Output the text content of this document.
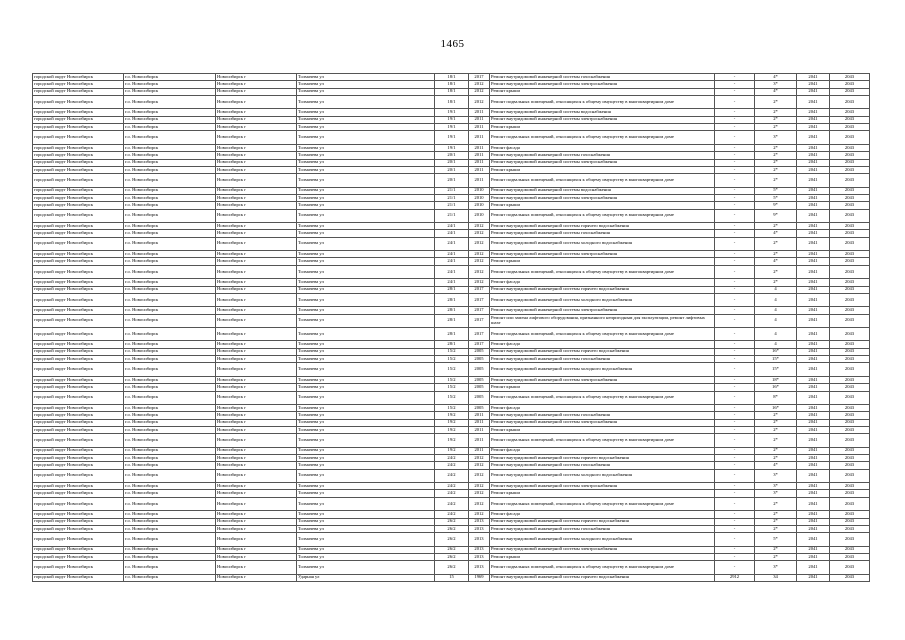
1465
городской округ Новосибирск	г.о. Новосибирск	Новосибирск г	Толмачева ул	18/1	2017	Ремонт внутридомовой инженерной системы газоснабжения	-	4*	2041	2043
городской округ Новосибирск	г.о. Новосибирск	Новосибирск г	Толмачева ул	18/1	2012	Ремонт внутридомовой инженерной системы электроснабжения	-	3*	2041	2043
городской округ Новосибирск	г.о. Новосибирск	Новосибирск г	Толмачева ул	18/1	2012	Ремонт крыши	-	4*	2041	2043
городской округ Новосибирск	г.о. Новосибирск	Новосибирск г	Толмачева ул	18/1	2012	Ремонт подвальных помещений, относящихся к общему имуществу в многоквартирном доме	-	2*	2041	2043
городской округ Новосибирск	г.о. Новосибирск	Новосибирск г	Толмачева ул	19/1	2011	Ремонт внутридомовой инженерной системы водоснабжения	-	2*	2041	2043
городской округ Новосибирск	г.о. Новосибирск	Новосибирск г	Толмачева ул	19/1	2011	Ремонт внутридомовой инженерной системы электроснабжения	-	2*	2041	2043
городской округ Новосибирск	г.о. Новосибирск	Новосибирск г	Толмачева ул	19/1	2011	Ремонт крыши	-	2*	2041	2043
городской округ Новосибирск	г.о. Новосибирск	Новосибирск г	Толмачева ул	19/1	2011	Ремонт подвальных помещений, относящихся к общему имуществу в многоквартирном доме	-	3*	2041	2043
городской округ Новосибирск	г.о. Новосибирск	Новосибирск г	Толмачева ул	19/1	2011	Ремонт фасада	-	2*	2041	2043
городской округ Новосибирск	г.о. Новосибирск	Новосибирск г	Толмачева ул	20/1	2011	Ремонт внутридомовой инженерной системы газоснабжения	-	2*	2041	2043
городской округ Новосибирск	г.о. Новосибирск	Новосибирск г	Толмачева ул	20/1	2011	Ремонт внутридомовой инженерной системы электроснабжения	-	2*	2041	2043
городской округ Новосибирск	г.о. Новосибирск	Новосибирск г	Толмачева ул	20/1	2011	Ремонт крыши	-	2*	2041	2043
городской округ Новосибирск	г.о. Новосибирск	Новосибирск г	Толмачева ул	20/1	2011	Ремонт подвальных помещений, относящихся к общему имуществу в многоквартирном доме	-	2*	2041	2043
городской округ Новосибирск	г.о. Новосибирск	Новосибирск г	Толмачева ул	21/1	2010	Ремонт внутридомовой инженерной системы водоснабжения	-	5*	2041	2043
городской округ Новосибирск	г.о. Новосибирск	Новосибирск г	Толмачева ул	21/1	2010	Ремонт внутридомовой инженерной системы электроснабжения	-	5*	2041	2043
городской округ Новосибирск	г.о. Новосибирск	Новосибирск г	Толмачева ул	21/1	2010	Ремонт крыши	-	9*	2041	2043
городской округ Новосибирск	г.о. Новосибирск	Новосибирск г	Толмачева ул	21/1	2010	Ремонт подвальных помещений, относящихся к общему имуществу в многоквартирном доме	-	9*	2041	2043
городской округ Новосибирск	г.о. Новосибирск	Новосибирск г	Толмачева ул	24/1	2012	Ремонт внутридомовой инженерной системы горячего водоснабжения	-	2*	2041	2043
городской округ Новосибирск	г.о. Новосибирск	Новосибирск г	Толмачева ул	24/1	2012	Ремонт внутридомовой инженерной системы газоснабжения	-	4*	2041	2043
городской округ Новосибирск	г.о. Новосибирск	Новосибирск г	Толмачева ул	24/1	2012	Ремонт внутридомовой инженерной системы холодного водоснабжения	-	2*	2041	2043
городской округ Новосибирск	г.о. Новосибирск	Новосибирск г	Толмачева ул	24/1	2012	Ремонт внутридомовой инженерной системы электроснабжения	-	2*	2041	2043
городской округ Новосибирск	г.о. Новосибирск	Новосибирск г	Толмачева ул	24/1	2012	Ремонт крыши	-	4*	2041	2043
городской округ Новосибирск	г.о. Новосибирск	Новосибирск г	Толмачева ул	24/1	2012	Ремонт подвальных помещений, относящихся к общему имуществу в многоквартирном доме	-	2*	2041	2043
городской округ Новосибирск	г.о. Новосибирск	Новосибирск г	Толмачева ул	24/1	2012	Ремонт фасада	-	2*	2041	2043
городской округ Новосибирск	г.о. Новосибирск	Новосибирск г	Толмачева ул	28/1	2017	Ремонт внутридомовой инженерной системы горячего водоснабжения	-	4	2041	2043
городской округ Новосибирск	г.о. Новосибирск	Новосибирск г	Толмачева ул	28/1	2017	Ремонт внутридомовой инженерной системы холодного водоснабжения	-	4	2041	2043
городской округ Новосибирск	г.о. Новосибирск	Новосибирск г	Толмачева ул	28/1	2017	Ремонт внутридомовой инженерной системы электроснабжения	-	4	2041	2043
городской округ Новосибирск	г.о. Новосибирск	Новосибирск г	Толмачева ул	28/1	2017	Ремонт или замена лифтового оборудования, признанного непригодным для эксплуатации, ремонт лифтовых шахт	-	4	2041	2043
городской округ Новосибирск	г.о. Новосибирск	Новосибирск г	Толмачева ул	28/1	2017	Ремонт подвальных помещений, относящихся к общему имуществу в многоквартирном доме	-	4	2041	2043
городской округ Новосибирск	г.о. Новосибирск	Новосибирск г	Толмачева ул	28/1	2017	Ремонт фасада	-	4	2041	2043
городской округ Новосибирск	г.о. Новосибирск	Новосибирск г	Толмачева ул	15/2	2005	Ремонт внутридомовой инженерной системы горячего водоснабжения	-	16*	2041	2043
городской округ Новосибирск	г.о. Новосибирск	Новосибирск г	Толмачева ул	15/2	2005	Ремонт внутридомовой инженерной системы газоснабжения	-	15*	2041	2043
городской округ Новосибирск	г.о. Новосибирск	Новосибирск г	Толмачева ул	15/2	2005	Ремонт внутридомовой инженерной системы холодного водоснабжения	-	15*	2041	2043
городской округ Новосибирск	г.о. Новосибирск	Новосибирск г	Толмачева ул	15/2	2005	Ремонт внутридомовой инженерной системы электроснабжения	-	18*	2041	2043
городской округ Новосибирск	г.о. Новосибирск	Новосибирск г	Толмачева ул	15/2	2005	Ремонт крыши	-	16*	2041	2043
городской округ Новосибирск	г.о. Новосибирск	Новосибирск г	Толмачева ул	15/2	2005	Ремонт подвальных помещений, относящихся к общему имуществу в многоквартирном доме	-	8*	2041	2043
городской округ Новосибирск	г.о. Новосибирск	Новосибирск г	Толмачева ул	15/2	2005	Ремонт фасада	-	16*	2041	2043
городской округ Новосибирск	г.о. Новосибирск	Новосибирск г	Толмачева ул	19/2	2011	Ремонт внутридомовой инженерной системы газоснабжения	-	2*	2041	2043
городской округ Новосибирск	г.о. Новосибирск	Новосибирск г	Толмачева ул	19/2	2011	Ремонт внутридомовой инженерной системы электроснабжения	-	2*	2041	2043
городской округ Новосибирск	г.о. Новосибирск	Новосибирск г	Толмачева ул	19/2	2011	Ремонт крыши	-	2*	2041	2043
городской округ Новосибирск	г.о. Новосибирск	Новосибирск г	Толмачева ул	19/2	2011	Ремонт подвальных помещений, относящихся к общему имуществу в многоквартирном доме	-	2*	2041	2043
городской округ Новосибирск	г.о. Новосибирск	Новосибирск г	Толмачева ул	19/2	2011	Ремонт фасада	-	2*	2041	2043
городской округ Новосибирск	г.о. Новосибирск	Новосибирск г	Толмачева ул	24/2	2012	Ремонт внутридомовой инженерной системы горячего водоснабжения	-	2*	2041	2043
городской округ Новосибирск	г.о. Новосибирск	Новосибирск г	Толмачева ул	24/2	2012	Ремонт внутридомовой инженерной системы газоснабжения	-	4*	2041	2043
городской округ Новосибирск	г.о. Новосибирск	Новосибирск г	Толмачева ул	24/2	2012	Ремонт внутридомовой инженерной системы холодного водоснабжения	-	3*	2041	2043
городской округ Новосибирск	г.о. Новосибирск	Новосибирск г	Толмачева ул	24/2	2012	Ремонт внутридомовой инженерной системы электроснабжения	-	3*	2041	2043
городской округ Новосибирск	г.о. Новосибирск	Новосибирск г	Толмачева ул	24/2	2012	Ремонт крыши	-	3*	2041	2043
городской округ Новосибирск	г.о. Новосибирск	Новосибирск г	Толмачева ул	24/2	2012	Ремонт подвальных помещений, относящихся к общему имуществу в многоквартирном доме	-	2*	2041	2043
городской округ Новосибирск	г.о. Новосибирск	Новосибирск г	Толмачева ул	24/2	2012	Ремонт фасада	-	2*	2041	2043
городской округ Новосибирск	г.о. Новосибирск	Новосибирск г	Толмачева ул	26/2	2013	Ремонт внутридомовой инженерной системы горячего водоснабжения	-	2*	2041	2043
городской округ Новосибирск	г.о. Новосибирск	Новосибирск г	Толмачева ул	26/2	2013	Ремонт внутридомовой инженерной системы газоснабжения	-	2*	2041	2043
городской округ Новосибирск	г.о. Новосибирск	Новосибирск г	Толмачева ул	26/2	2013	Ремонт внутридомовой инженерной системы холодного водоснабжения	-	5*	2041	2043
городской округ Новосибирск	г.о. Новосибирск	Новосибирск г	Толмачева ул	26/2	2013	Ремонт внутридомовой инженерной системы электроснабжения	-	2*	2041	2043
городской округ Новосибирск	г.о. Новосибирск	Новосибирск г	Толмачева ул	26/2	2013	Ремонт крыши	-	2*	2041	2043
городской округ Новосибирск	г.о. Новосибирск	Новосибирск г	Толмачева ул	26/2	2013	Ремонт подвальных помещений, относящихся к общему имуществу в многоквартирном доме	-	3*	2041	2043
городской округ Новосибирск	г.о. Новосибирск	Новосибирск г	Ударная ул	15	1969	Ремонт внутридомовой инженерной системы горячего водоснабжения	2912	34	2041	2043
